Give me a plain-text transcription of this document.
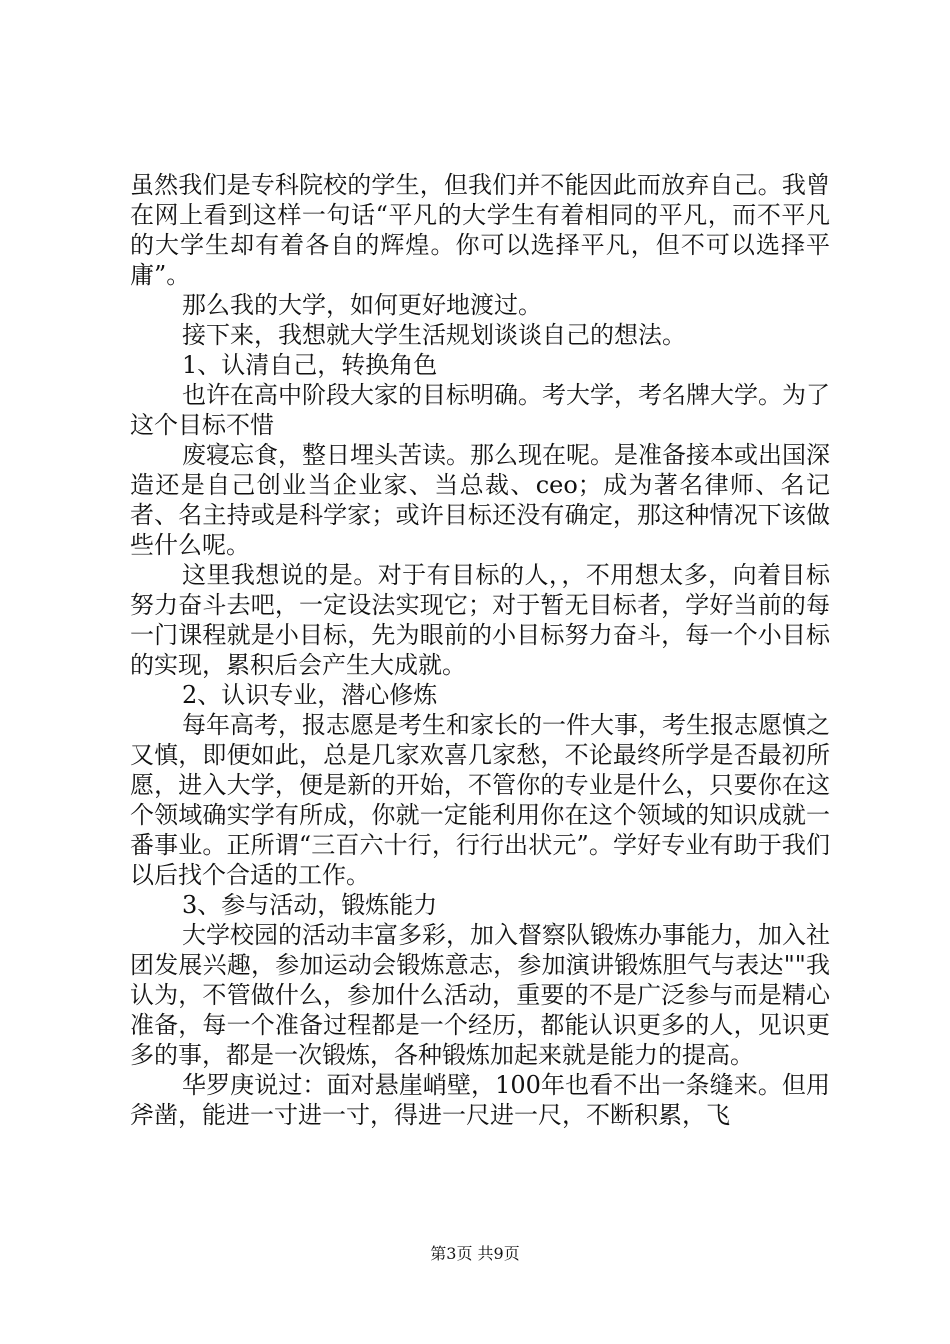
虽然我们是专科院校的学生，但我们并不能因此而放弃自己。我曾在网上看到这样一句话“平凡的大学生有着相同的平凡，而不平凡的大学生却有着各自的辉煌。你可以选择平凡，但不可以选择平庸”。

那么我的大学，如何更好地渡过。

接下来，我想就大学生活规划谈谈自己的想法。

1、认清自己，转换角色

也许在高中阶段大家的目标明确。考大学，考名牌大学。为了这个目标不惜

废寝忘食，整日埋头苦读。那么现在呢。是准备接本或出国深造还是自己创业当企业家、当总裁、ceo；成为著名律师、名记者、名主持或是科学家；或许目标还没有确定，那这种情况下该做些什么呢。

这里我想说的是。对于有目标的人，，不用想太多，向着目标努力奋斗去吧，一定设法实现它；对于暂无目标者，学好当前的每一门课程就是小目标，先为眼前的小目标努力奋斗，每一个小目标的实现，累积后会产生大成就。

2、认识专业，潜心修炼

每年高考，报志愿是考生和家长的一件大事，考生报志愿慎之又慎，即便如此，总是几家欢喜几家愁，不论最终所学是否最初所愿，进入大学，便是新的开始，不管你的专业是什么，只要你在这个领域确实学有所成，你就一定能利用你在这个领域的知识成就一番事业。正所谓“三百六十行，行行出状元”。学好专业有助于我们以后找个合适的工作。

3、参与活动，锻炼能力

大学校园的活动丰富多彩，加入督察队锻炼办事能力，加入社团发展兴趣，参加运动会锻炼意志，参加演讲锻炼胆气与表达""我认为，不管做什么，参加什么活动，重要的不是广泛参与而是精心准备，每一个准备过程都是一个经历，都能认识更多的人，见识更多的事，都是一次锻炼，各种锻炼加起来就是能力的提高。

华罗庚说过：面对悬崖峭壁，100年也看不出一条缝来。但用斧凿，能进一寸进一寸，得进一尺进一尺，不断积累，飞

第3页 共9页
